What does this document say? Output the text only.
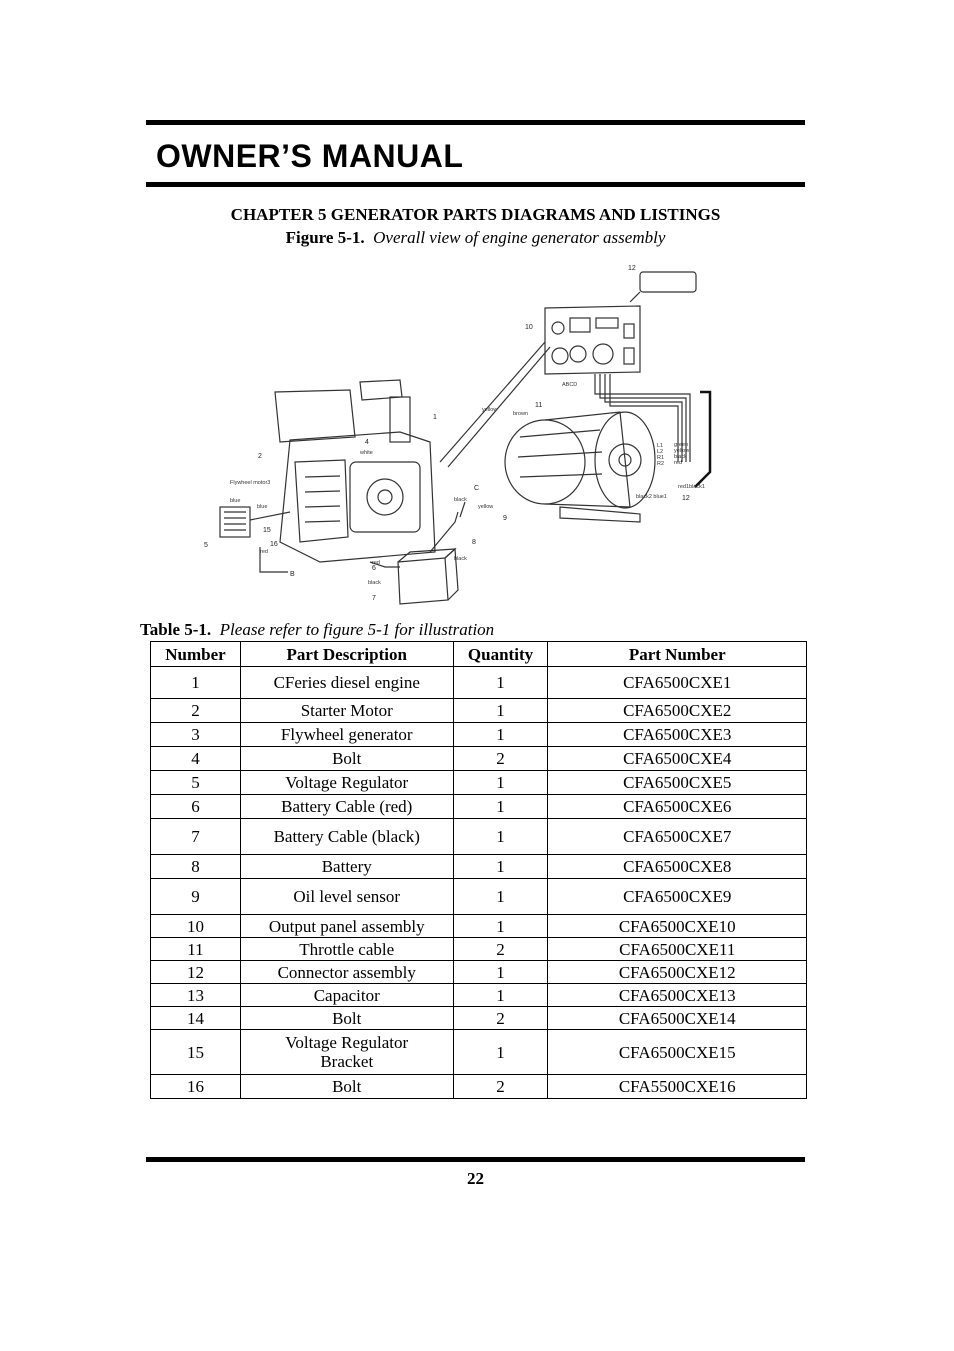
OWNER’S MANUAL
CHAPTER 5 GENERATOR PARTS DIAGRAMS AND LISTINGS
Figure 5-1. Overall view of engine generator assembly
12
10
11
1
2
4
5
15
16
6
7
8
9
12
B
C
yellow
brown
white
Flywheel motor3
blue
blue
red
red
black
black
black
yellow
ABCD
L1
L2
R1
R2
green
yellow
black
red
red1black1
black2 blue1
Table 5-1. Please refer to figure 5-1 for illustration
Number	Part Description	Quantity	Part Number
1	CFeries diesel engine	1	CFA6500CXE1
2	Starter Motor	1	CFA6500CXE2
3	Flywheel generator	1	CFA6500CXE3
4	Bolt	2	CFA6500CXE4
5	Voltage Regulator	1	CFA6500CXE5
6	Battery Cable (red)	1	CFA6500CXE6
7	Battery Cable (black)	1	CFA6500CXE7
8	Battery	1	CFA6500CXE8
9	Oil level sensor	1	CFA6500CXE9
10	Output panel assembly	1	CFA6500CXE10
11	Throttle cable	2	CFA6500CXE11
12	Connector assembly	1	CFA6500CXE12
13	Capacitor	1	CFA6500CXE13
14	Bolt	2	CFA6500CXE14
15	Voltage Regulator Bracket	1	CFA6500CXE15
16	Bolt	2	CFA5500CXE16
22
